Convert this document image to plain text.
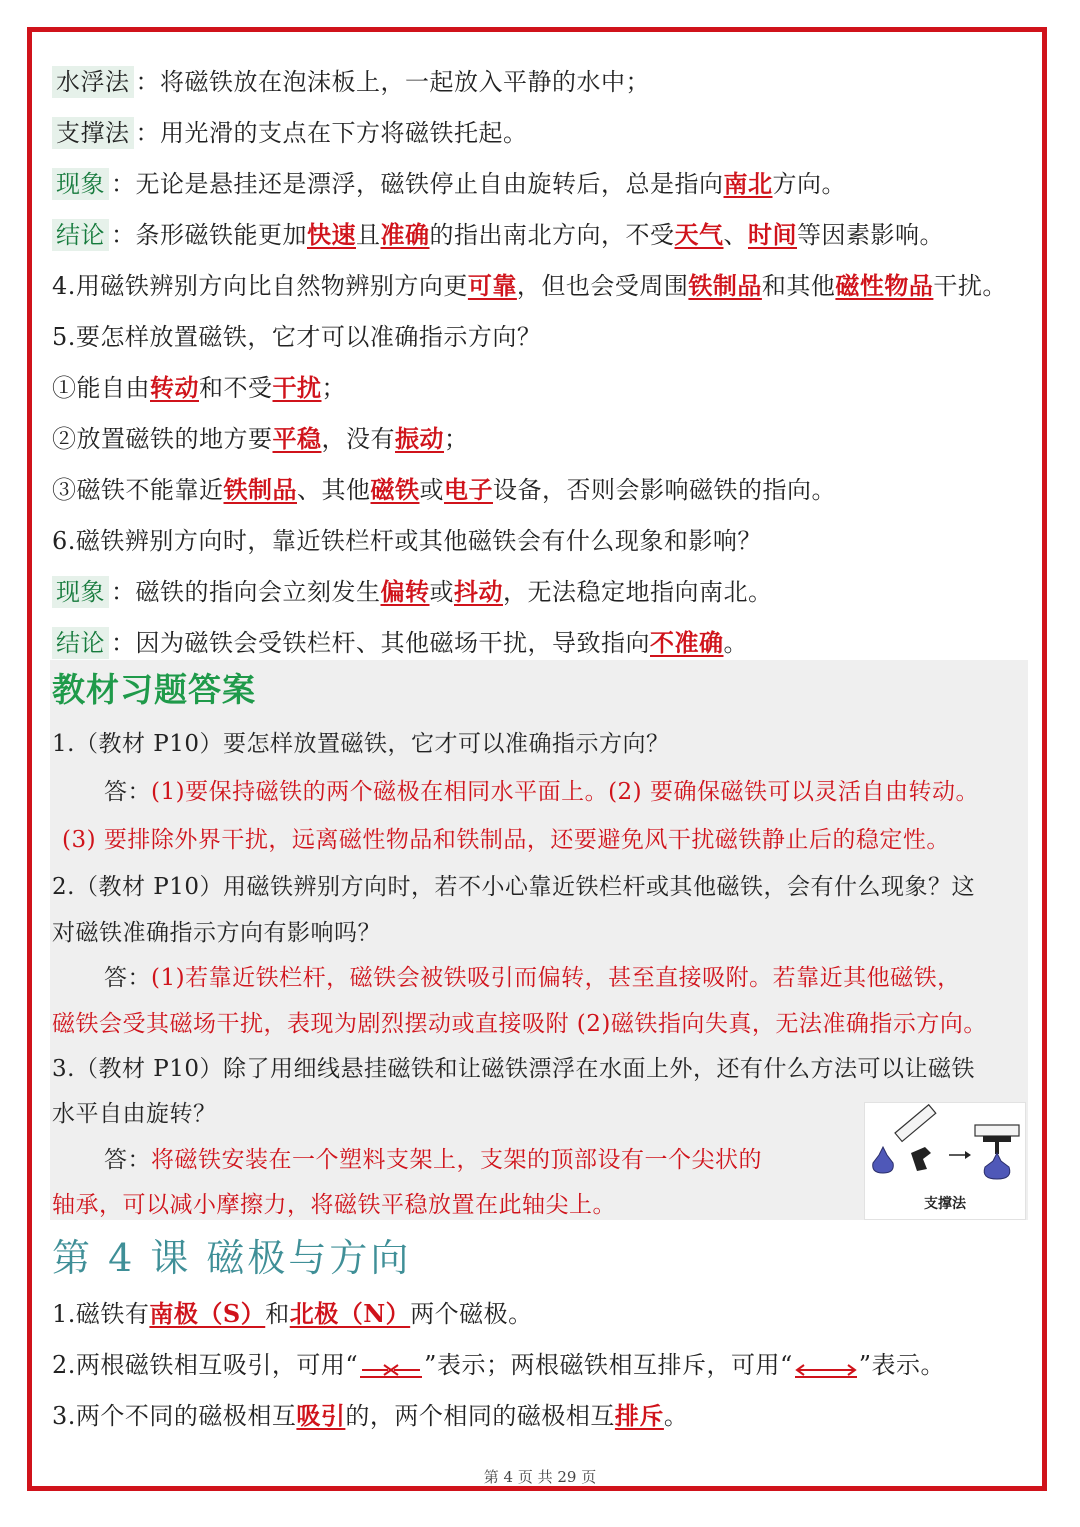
水浮法 ：将磁铁放在泡沫板上，一起放入平静的水中；
支撑法 ：用光滑的支点在下方将磁铁托起。
现象 ：无论是悬挂还是漂浮，磁铁停止自由旋转后，总是指向南北方向。
结论 ：条形磁铁能更加快速且准确的指出南北方向，不受天气、时间等因素影响。
4.用磁铁辨别方向比自然物辨别方向更可靠，但也会受周围铁制品和其他磁性物品干扰。
5.要怎样放置磁铁，它才可以准确指示方向？
①能自由转动和不受干扰；
②放置磁铁的地方要平稳，没有振动；
③磁铁不能靠近铁制品、其他磁铁或电子设备，否则会影响磁铁的指向。
6.磁铁辨别方向时，靠近铁栏杆或其他磁铁会有什么现象和影响？
现象 ：磁铁的指向会立刻发生偏转或抖动，无法稳定地指向南北。
结论 ：因为磁铁会受铁栏杆、其他磁场干扰，导致指向不准确。
教材习题答案
1.（教材 P10）要怎样放置磁铁，它才可以准确指示方向？
答：(1)要保持磁铁的两个磁极在相同水平面上。(2) 要确保磁铁可以灵活自由转动。
(3) 要排除外界干扰，远离磁性物品和铁制品，还要避免风干扰磁铁静止后的稳定性。
2.（教材 P10）用磁铁辨别方向时，若不小心靠近铁栏杆或其他磁铁，会有什么现象？这
对磁铁准确指示方向有影响吗？
答：(1)若靠近铁栏杆，磁铁会被铁吸引而偏转，甚至直接吸附。若靠近其他磁铁，
磁铁会受其磁场干扰，表现为剧烈摆动或直接吸附 (2)磁铁指向失真，无法准确指示方向。
3.（教材 P10）除了用细线悬挂磁铁和让磁铁漂浮在水面上外，还有什么方法可以让磁铁
水平自由旋转？
答：将磁铁安装在一个塑料支架上，支架的顶部设有一个尖状的
轴承，可以减小摩擦力，将磁铁平稳放置在此轴尖上。	支撑法
第 4 课 磁极与方向
1.磁铁有南极（S）和北极（N）两个磁极。
2.两根磁铁相互吸引，可用“	”表示；两根磁铁相互排斥，可用“	”表示。
3.两个不同的磁极相互吸引的，两个相同的磁极相互排斥。
第 4 页 共 29 页
